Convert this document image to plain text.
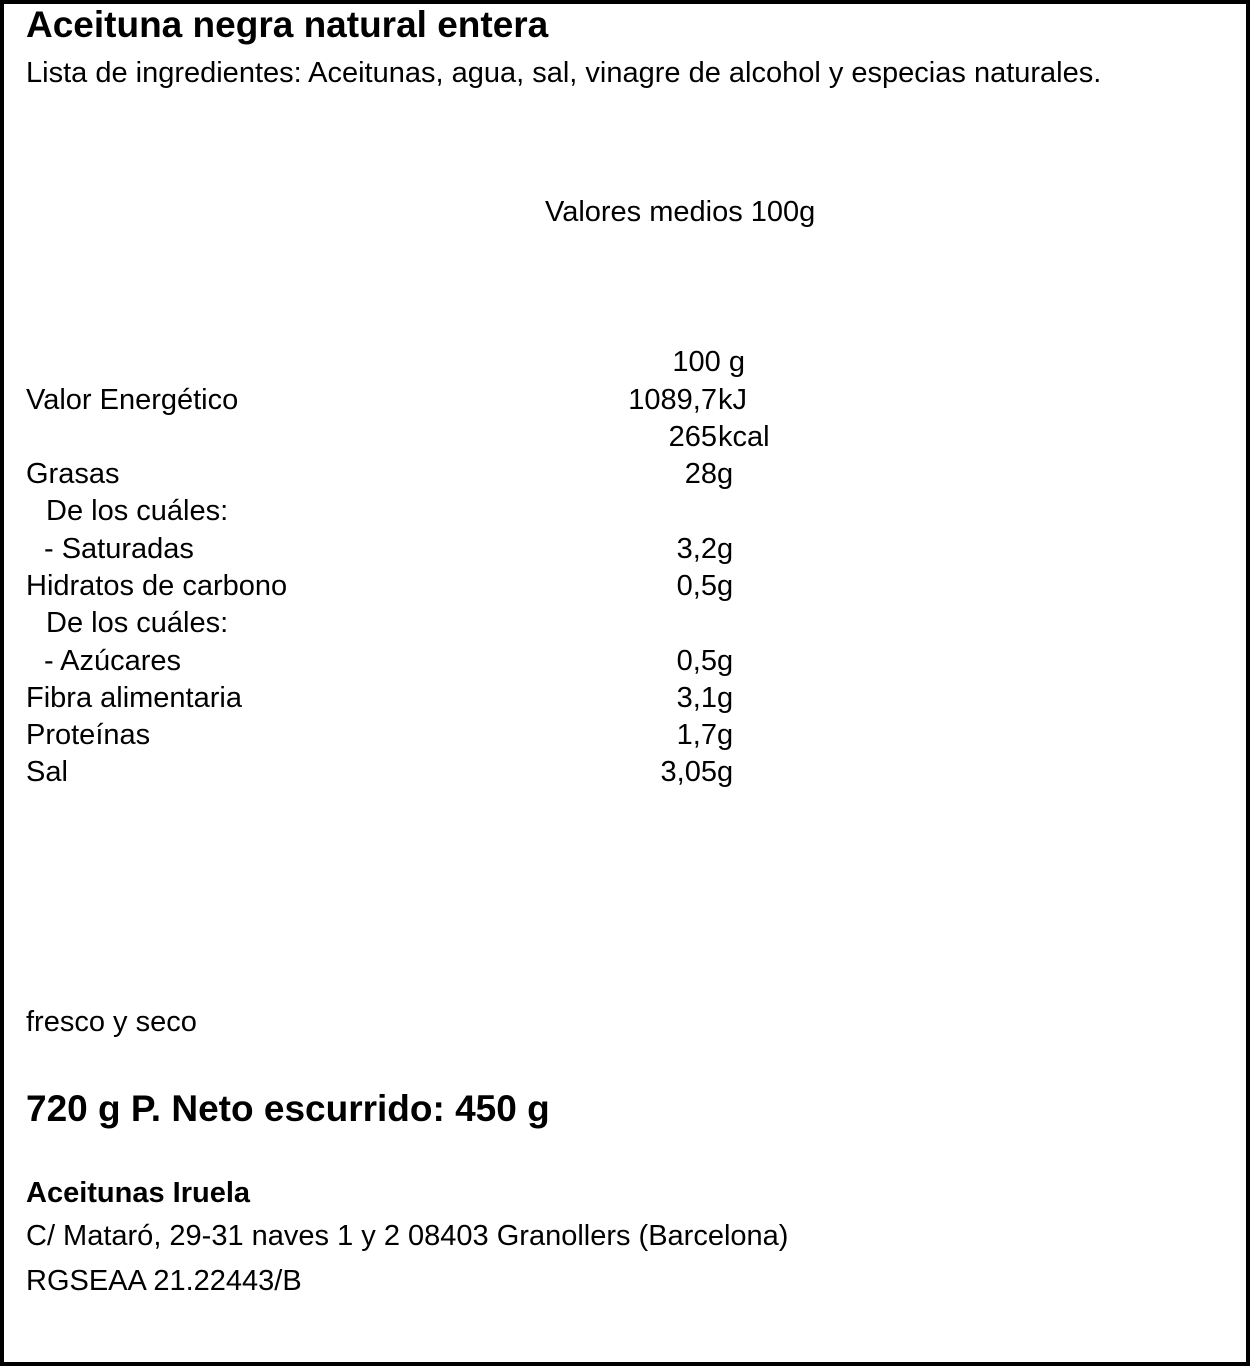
Aceituna negra natural entera
Lista de ingredientes: Aceitunas, agua, sal, vinagre de alcohol y especias naturales.
Valores medios 100g
100 g
Valor Energético	1089,7 kJ
265 kcal
Grasas	28 g
De los cuáles:
- Saturadas	3,2 g
Hidratos de carbono	0,5 g
De los cuáles:
- Azúcares	0,5 g
Fibra alimentaria	3,1 g
Proteínas	1,7 g
Sal	3,05 g
fresco y seco
720 g P. Neto escurrido: 450 g
Aceitunas Iruela
C/ Mataró, 29-31 naves 1 y 2 08403 Granollers (Barcelona)
RGSEAA 21.22443/B
